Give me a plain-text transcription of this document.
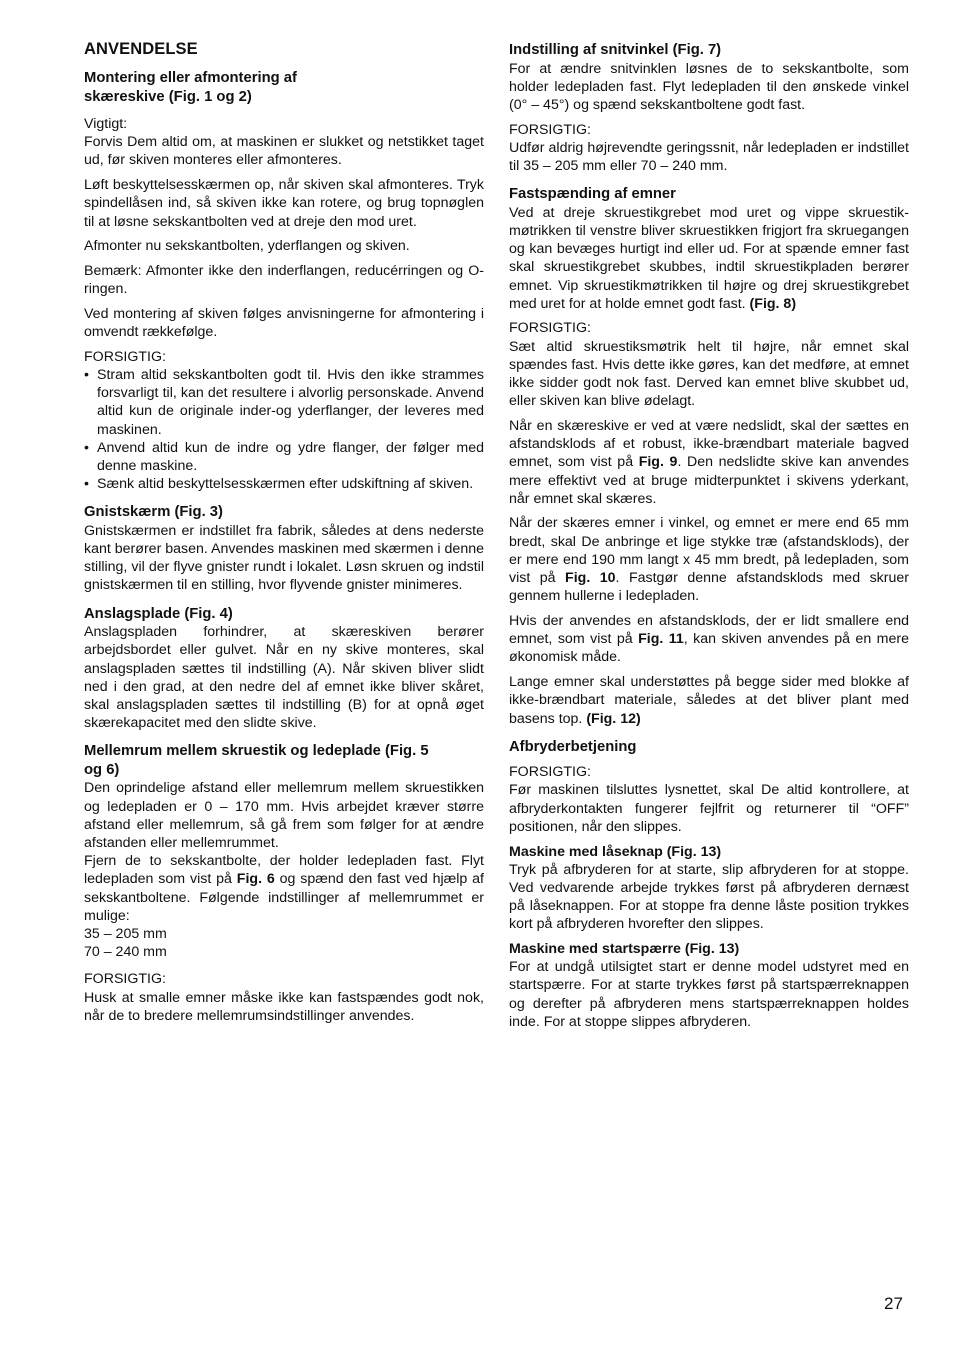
ANVENDELSE
Montering eller afmontering af skæreskive (Fig. 1 og 2)
Vigtigt:
Forvis Dem altid om, at maskinen er slukket og netstikket taget ud, før skiven monteres eller afmonteres.
Løft beskyttelsesskærmen op, når skiven skal afmonteres. Tryk spindellåsen ind, så skiven ikke kan rotere, og brug topnøglen til at løsne sekskantbolten ved at dreje den mod uret.
Afmonter nu sekskantbolten, yderflangen og skiven.
Bemærk: Afmonter ikke den inderflangen, reducérringen og O-ringen.
Ved montering af skiven følges anvisningerne for afmontering i omvendt rækkefølge.
FORSIGTIG:
• Stram altid sekskantbolten godt til. Hvis den ikke strammes forsvarligt til, kan det resultere i alvorlig personskade. Anvend altid kun de originale inder-og yderflanger, der leveres med maskinen.
• Anvend altid kun de indre og ydre flanger, der følger med denne maskine.
• Sænk altid beskyttelsesskærmen efter udskiftning af skiven.
Gnistskærm (Fig. 3)
Gnistskærmen er indstillet fra fabrik, således at dens nederste kant berører basen. Anvendes maskinen med skærmen i denne stilling, vil der flyve gnister rundt i lokalet. Løsn skruen og indstil gnistskærmen til en stilling, hvor flyvende gnister minimeres.
Anslagsplade (Fig. 4)
Anslagspladen forhindrer, at skæreskiven berører arbejdsbordet eller gulvet. Når en ny skive monteres, skal anslagspladen sættes til indstilling (A). Når skiven bliver slidt ned i den grad, at den nedre del af emnet ikke bliver skåret, skal anslagspladen sættes til indstilling (B) for at opnå øget skærekapacitet med den slidte skive.
Mellemrum mellem skruestik og ledeplade (Fig. 5 og 6)
Den oprindelige afstand eller mellemrum mellem skruestikken og ledepladen er 0 – 170 mm. Hvis arbejdet kræver større afstand eller mellemrum, så gå frem som følger for at ændre afstanden eller mellemrummet.
Fjern de to sekskantbolte, der holder ledepladen fast. Flyt ledepladen som vist på Fig. 6 og spænd den fast ved hjælp af sekskantboltene. Følgende indstillinger af mellemrummet er mulige:
35 – 205 mm
70 – 240 mm
FORSIGTIG:
Husk at smalle emner måske ikke kan fastspændes godt nok, når de to bredere mellemrumsindstillinger anvendes.
Indstilling af snitvinkel (Fig. 7)
For at ændre snitvinklen løsnes de to sekskantbolte, som holder ledepladen fast. Flyt ledepladen til den ønskede vinkel (0° – 45°) og spænd sekskantboltene godt fast.
FORSIGTIG:
Udfør aldrig højrevendte geringssnit, når ledepladen er indstillet til 35 – 205 mm eller 70 – 240 mm.
Fastspænding af emner
Ved at dreje skruestikgrebet mod uret og vippe skruestikmøtrikken til venstre bliver skruestikken frigjort fra skruegangen og kan bevæges hurtigt ind eller ud. For at spænde emner fast skal skruestikgrebet skubbes, indtil skruestikpladen berører emnet. Vip skruestikmøtrikken til højre og drej skruestikgrebet med uret for at holde emnet godt fast. (Fig. 8)
FORSIGTIG:
Sæt altid skruestiksmøtrik helt til højre, når emnet skal spændes fast. Hvis dette ikke gøres, kan det medføre, at emnet ikke sidder godt nok fast. Derved kan emnet blive skubbet ud, eller skiven kan blive ødelagt.
Når en skæreskive er ved at være nedslidt, skal der sættes en afstandsklods af et robust, ikke-brændbart materiale bagved emnet, som vist på Fig. 9. Den nedslidte skive kan anvendes mere effektivt ved at bruge midterpunktet i skivens yderkant, når emnet skal skæres.
Når der skæres emner i vinkel, og emnet er mere end 65 mm bredt, skal De anbringe et lige stykke træ (afstandsklods), der er mere end 190 mm langt x 45 mm bredt, på ledepladen, som vist på Fig. 10. Fastgør denne afstandsklods med skruer gennem hullerne i ledepladen.
Hvis der anvendes en afstandsklods, der er lidt smallere end emnet, som vist på Fig. 11, kan skiven anvendes på en mere økonomisk måde.
Lange emner skal understøttes på begge sider med blokke af ikke-brændbart materiale, således at det bliver plant med basens top. (Fig. 12)
Afbryderbetjening
FORSIGTIG:
Før maskinen tilsluttes lysnettet, skal De altid kontrollere, at afbryderkontakten fungerer fejlfrit og returnerer til “OFF” positionen, når den slippes.
Maskine med låseknap (Fig. 13)
Tryk på afbryderen for at starte, slip afbryderen for at stoppe. Ved vedvarende arbejde trykkes først på afbryderen dernæst på låseknappen. For at stoppe fra denne låste position trykkes kort på afbryderen hvorefter den slippes.
Maskine med startspærre (Fig. 13)
For at undgå utilsigtet start er denne model udstyret med en startspærre. For at starte trykkes først på startspærreknappen og derefter på afbryderen mens startspærreknappen holdes inde. For at stoppe slippes afbryderen.
27
